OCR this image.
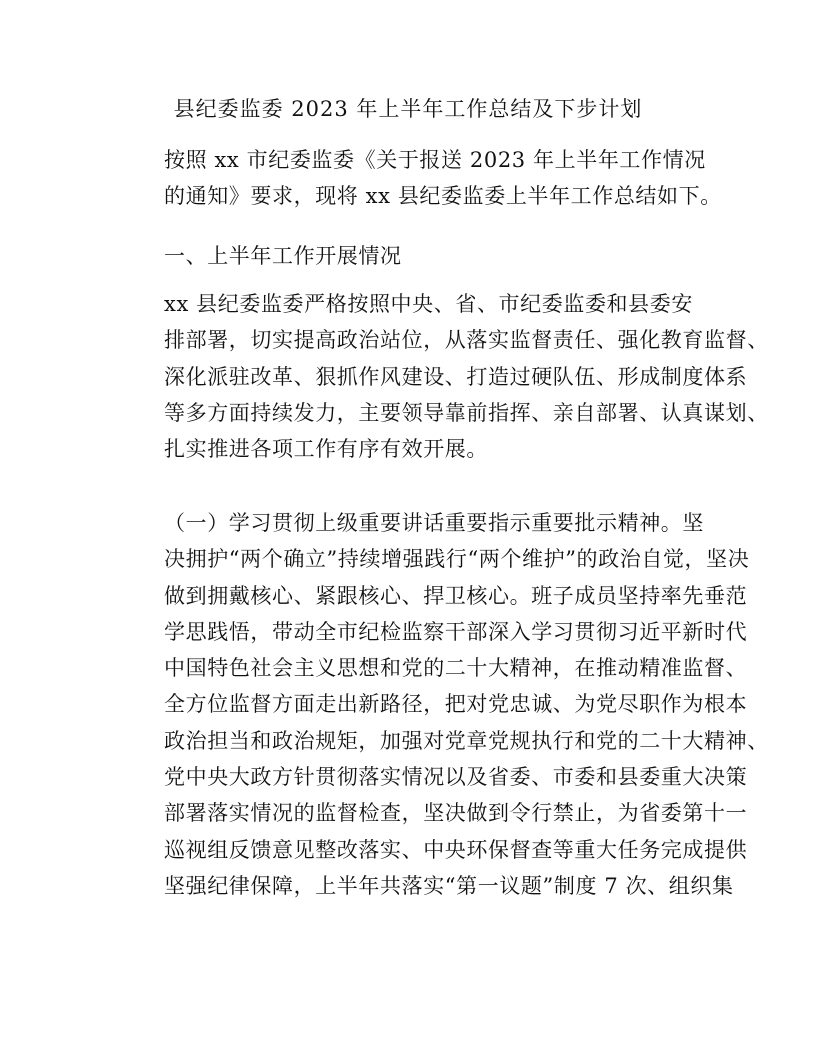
县纪委监委 2023 年上半年工作总结及下步计划

按照 xx 市纪委监委《关于报送 2023 年上半年工作情况
的通知》要求，现将 xx 县纪委监委上半年工作总结如下。

一、上半年工作开展情况

xx 县纪委监委严格按照中央、省、市纪委监委和县委安
排部署，切实提高政治站位，从落实监督责任、强化教育监督、
深化派驻改革、狠抓作风建设、打造过硬队伍、形成制度体系
等多方面持续发力，主要领导靠前指挥、亲自部署、认真谋划、
扎实推进各项工作有序有效开展。

（一）学习贯彻上级重要讲话重要指示重要批示精神。坚
决拥护“两个确立”持续增强践行“两个维护”的政治自觉，坚决
做到拥戴核心、紧跟核心、捍卫核心。班子成员坚持率先垂范
学思践悟，带动全市纪检监察干部深入学习贯彻习近平新时代
中国特色社会主义思想和党的二十大精神，在推动精准监督、
全方位监督方面走出新路径，把对党忠诚、为党尽职作为根本
政治担当和政治规矩，加强对党章党规执行和党的二十大精神、
党中央大政方针贯彻落实情况以及省委、市委和县委重大决策
部署落实情况的监督检查，坚决做到令行禁止，为省委第十一
巡视组反馈意见整改落实、中央环保督查等重大任务完成提供
坚强纪律保障，上半年共落实“第一议题”制度 7 次、组织集
